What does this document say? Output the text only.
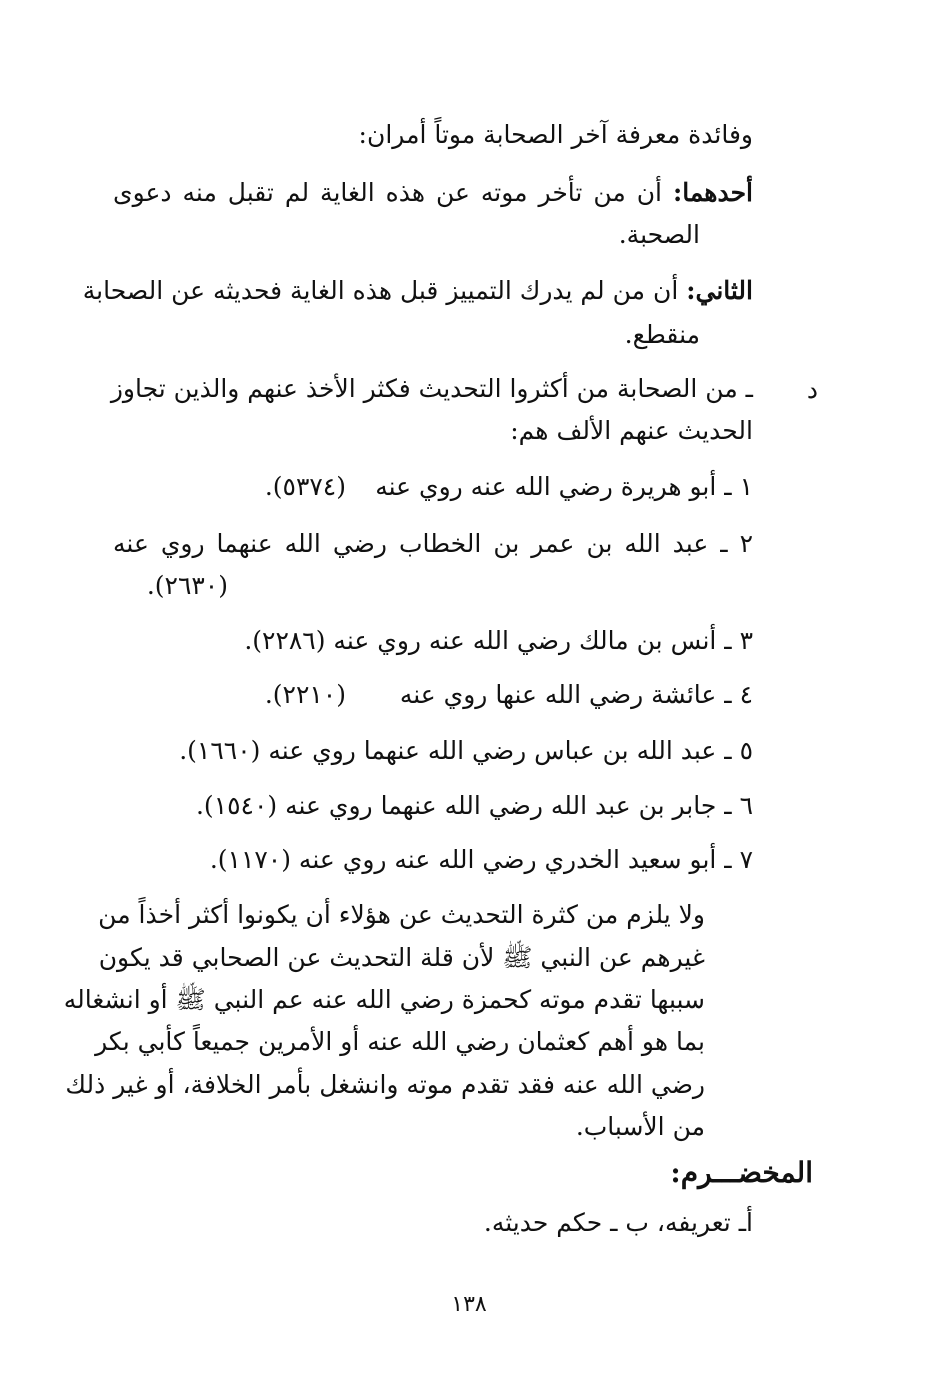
وفائدة معرفة آخر الصحابة موتاً أمران:
أحدهما: أن من تأخر موته عن هذه الغاية لم تقبل منه دعوى
الصحبة.
الثاني: أن من لم يدرك التمييز قبل هذه الغاية فحديثه عن الصحابة
منقطع.
د
ـ من الصحابة من أكثروا التحديث فكثر الأخذ عنهم والذين تجاوز
الحديث عنهم الألف هم:
١ ـ أبو هريرة رضي الله عنه روي عنه
(٥٣٧٤).
٢ ـ عبد الله بن عمر بن الخطاب رضي الله عنهما روي عنه
(٢٦٣٠).
٣ ـ أنس بن مالك رضي الله عنه روي عنه (٢٢٨٦).
٤ ـ عائشة رضي الله عنها روي عنه
(٢٢١٠).
٥ ـ عبد الله بن عباس رضي الله عنهما روي عنه (١٦٦٠).
٦ ـ جابر بن عبد الله رضي الله عنهما روي عنه (١٥٤٠).
٧ ـ أبو سعيد الخدري رضي الله عنه روي عنه (١١٧٠).
ولا يلزم من كثرة التحديث عن هؤلاء أن يكونوا أكثر أخذاً من
غيرهم عن النبي ﷺ لأن قلة التحديث عن الصحابي قد يكون
سببها تقدم موته كحمزة رضي الله عنه عم النبي ﷺ أو انشغاله
بما هو أهم كعثمان رضي الله عنه أو الأمرين جميعاً كأبي بكر
رضي الله عنه فقد تقدم موته وانشغل بأمر الخلافة، أو غير ذلك
من الأسباب.
المخضـــرم:
أـ تعريفه، ب ـ حكم حديثه.
١٣٨
